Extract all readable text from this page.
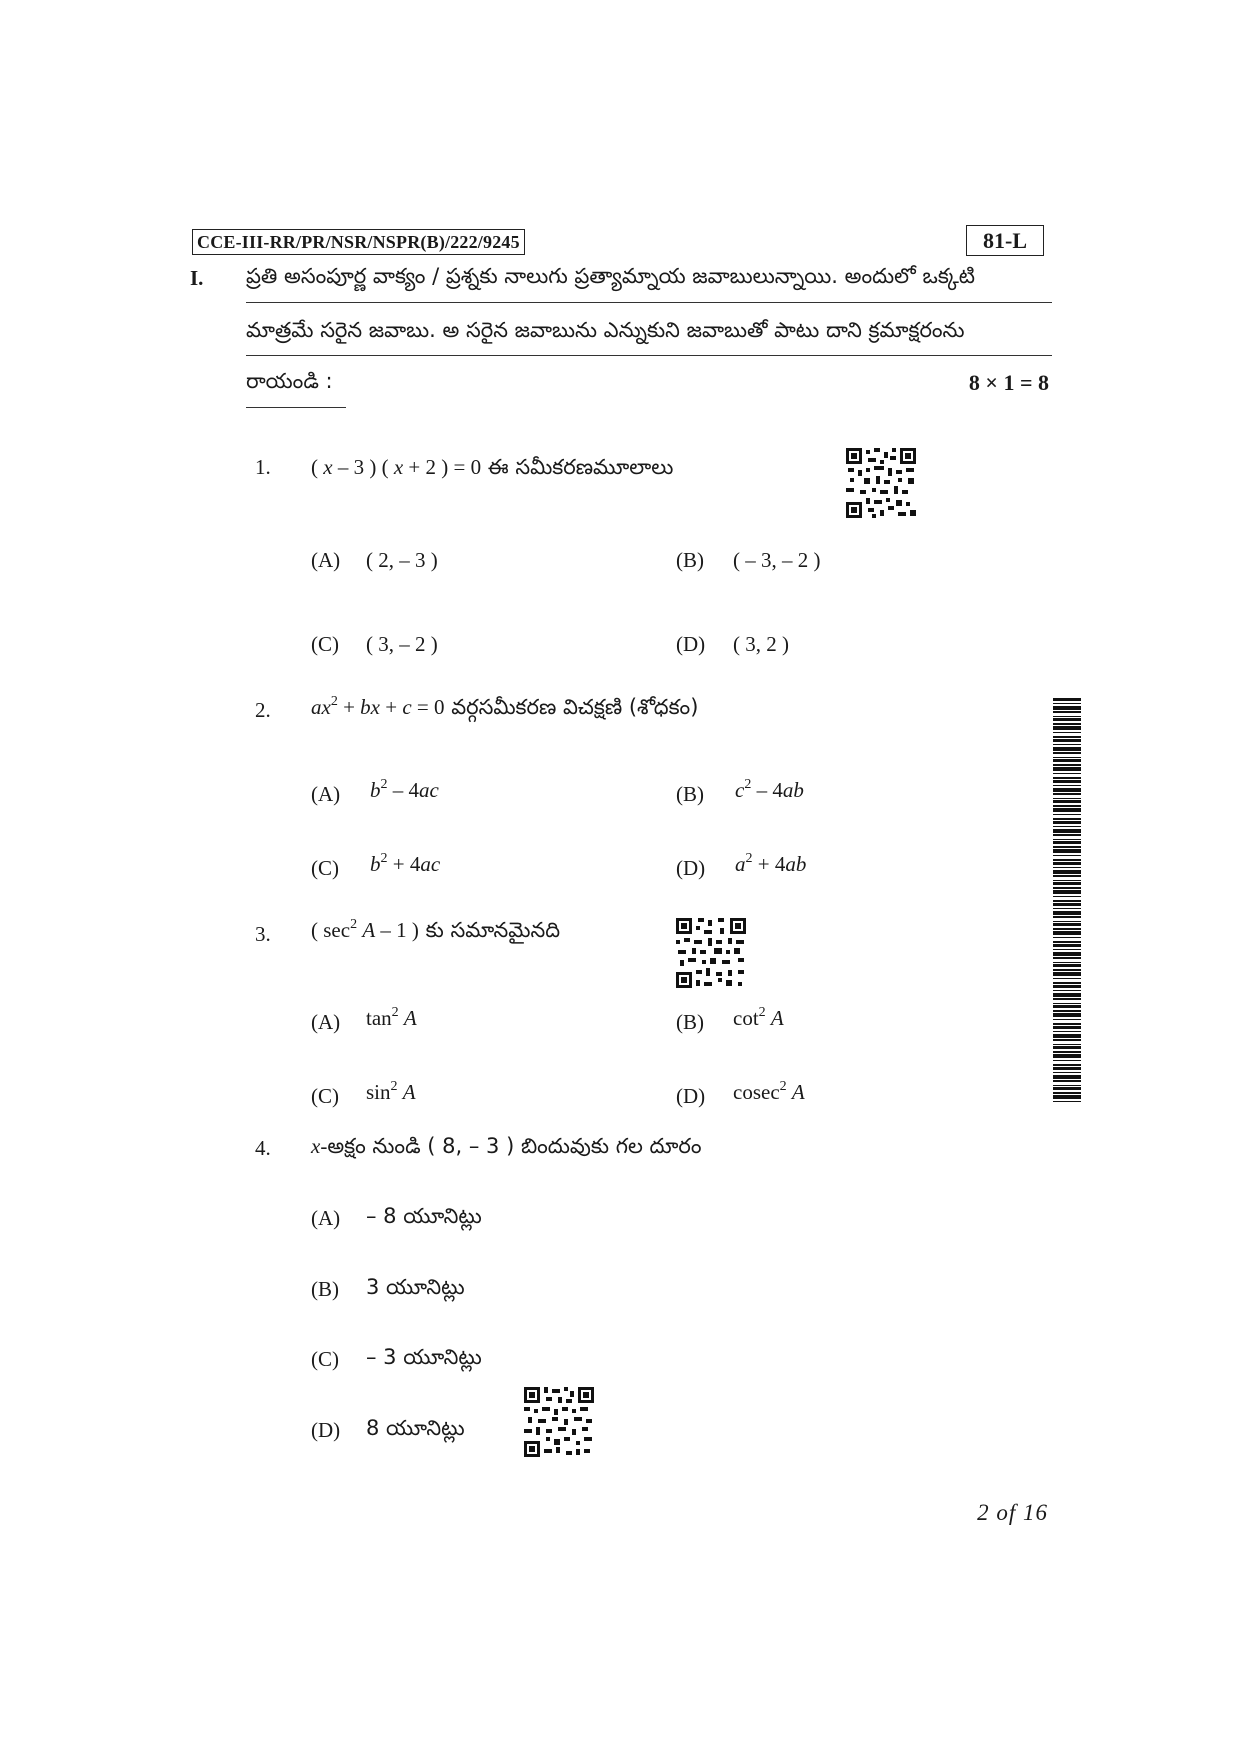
CCE-III-RR/PR/NSR/NSPR(B)/222/9245	81-L
I. ప్రతి అసంపూర్ణ వాక్యం / ప్రశ్నకు నాలుగు ప్రత్యామ్నాయ జవాబులున్నాయి. అందులో ఒక్కటి
మాత్రమే సరైన జవాబు. అ సరైన జవాబును ఎన్నుకుని జవాబుతో పాటు దాని క్రమాక్షరంను
రాయండి :	8 × 1 = 8
1. ( x – 3 ) ( x + 2 ) = 0 ఈ సమీకరణమూలాలు
(A) ( 2, – 3 )	(B) ( – 3, – 2 )
(C) ( 3, – 2 )	(D) ( 3, 2 )
2. $ax^2$ + bx + c = 0 వర్గసమీకరణ విచక్షణి (శోధకం)
(A) $b^2 - 4ac$	(B) $c^2 - 4ab$
(C) $b^2 + 4ac$	(D) $a^2 + 4ab$
3. ( $\sec^2 A - 1$ ) కు సమానమైనది
(A) $\tan^2 A$	(B) $\cot^2 A$
(C) $\sin^2 A$	(D) cosec$^2$ A
4. x-అక్షం నుండి ( 8, – 3 ) బిందువుకు గల దూరం
(A) – 8 యూనిట్లు
(B) 3 యూనిట్లు
(C) – 3 యూనిట్లు
(D) 8 యూనిట్లు
2 of 16
